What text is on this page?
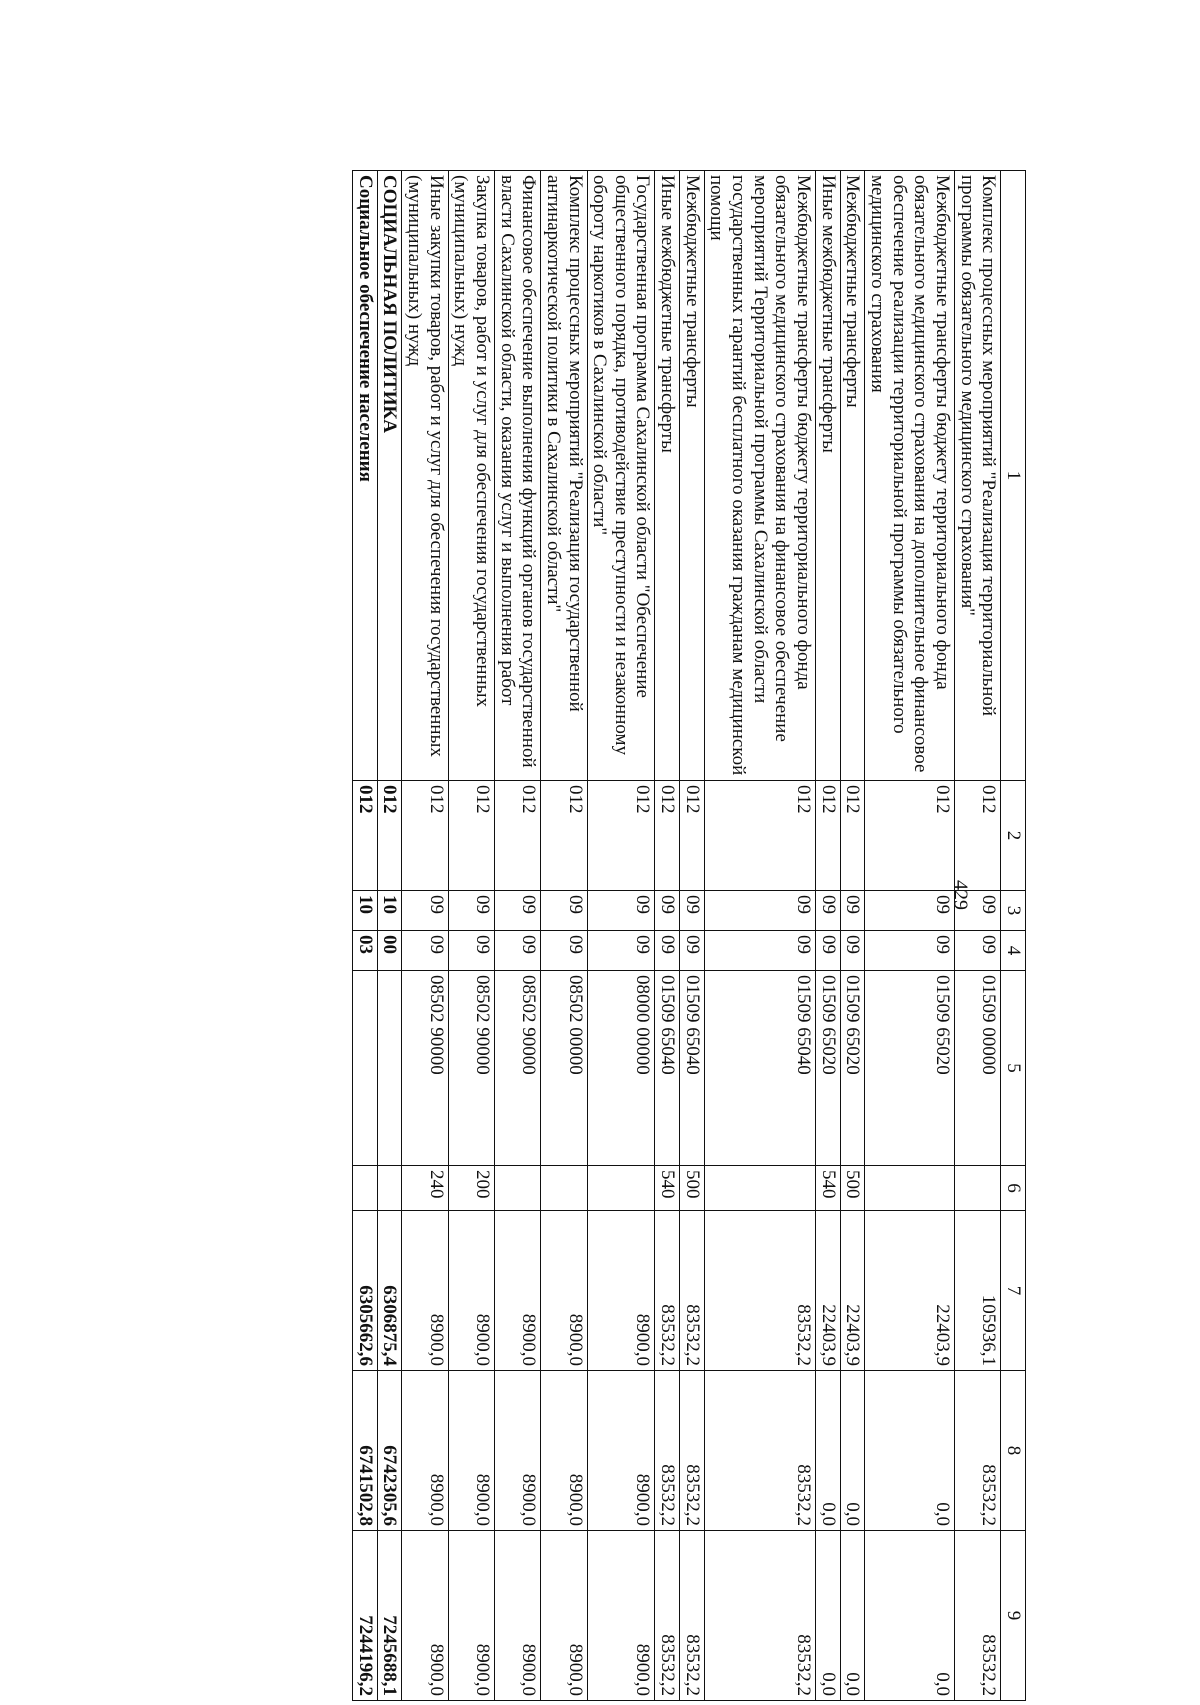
429
1	2	3	4	5	6	7	8	9
Комплекс процессных мероприятий "Реализация территориальной программы обязательного медицинского страхования"	012	09	09	01509 00000		105936,1	83532,2	83532,2
Межбюджетные трансферты бюджету территориального фонда обязательного медицинского страхования на дополнительное финансовое обеспечение реализации территориальной программы обязательного медицинского страхования	012	09	09	01509 65020		22403,9	0,0	0,0
Межбюджетные трансферты	012	09	09	01509 65020	500	22403,9	0,0	0,0
Иные межбюджетные трансферты	012	09	09	01509 65020	540	22403,9	0,0	0,0
Межбюджетные трансферты бюджету территориального фонда обязательного медицинского страхования на финансовое обеспечение мероприятий Территориальной программы Сахалинской области государственных гарантий бесплатного оказания гражданам медицинской помощи	012	09	09	01509 65040		83532,2	83532,2	83532,2
Межбюджетные трансферты	012	09	09	01509 65040	500	83532,2	83532,2	83532,2
Иные межбюджетные трансферты	012	09	09	01509 65040	540	83532,2	83532,2	83532,2
Государственная программа Сахалинской области "Обеспечение общественного порядка, противодействие преступности и незаконному обороту наркотиков в Сахалинской области"	012	09	09	08000 00000		8900,0	8900,0	8900,0
Комплекс процессных мероприятий "Реализация государственной антинаркотической политики в Сахалинской области"	012	09	09	08502 00000		8900,0	8900,0	8900,0
Финансовое обеспечение выполнения функций органов государственной власти Сахалинской области, оказания услуг и выполнения работ	012	09	09	08502 90000		8900,0	8900,0	8900,0
Закупка товаров, работ и услуг для обеспечения государственных (муниципальных) нужд	012	09	09	08502 90000	200	8900,0	8900,0	8900,0
Иные закупки товаров, работ и услуг для обеспечения государственных (муниципальных) нужд	012	09	09	08502 90000	240	8900,0	8900,0	8900,0
СОЦИАЛЬНАЯ ПОЛИТИКА	012	10	00			6306875,4	6742305,6	7245688,1
Социальное обеспечение населения	012	10	03			6305662,6	6741502,8	7244196,2
